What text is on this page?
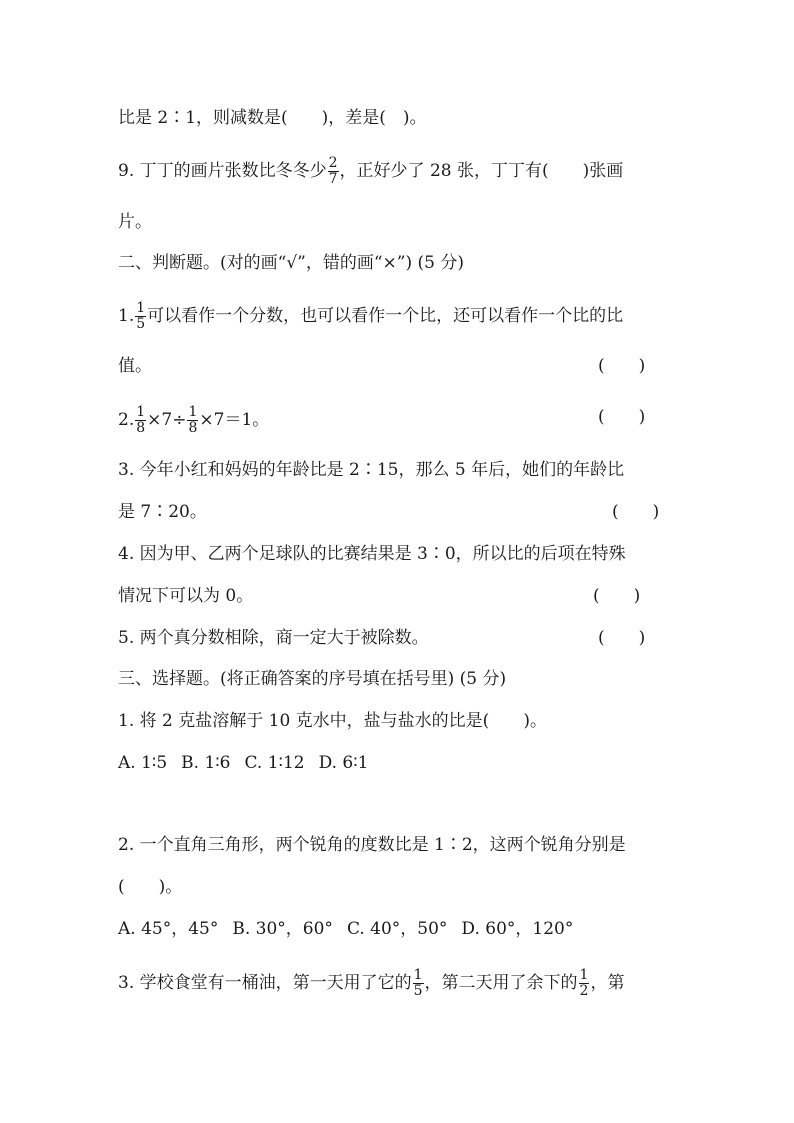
比是 2∶1，则减数是(　　)，差是(　)。
9. 丁丁的画片张数比冬冬少 $\frac{2}{7}$ ，正好少了 28 张，丁丁有(　　)张画
片。
二、判断题。(对的画“√”，错的画“×”) (5 分)
1. $\frac{1}{5}$ 可以看作一个分数，也可以看作一个比，还可以看作一个比的比
值。	(　　)
2. $\frac{1}{8} \times 7\div \frac{1}{8} \times 7=1$。	(　　)
3. 今年小红和妈妈的年龄比是 2∶15，那么 5 年后，她们的年龄比
是 7∶20。	(　　)
4. 因为甲、乙两个足球队的比赛结果是 3∶0，所以比的后项在特殊
情况下可以为 0。	(　　)
5. 两个真分数相除，商一定大于被除数。	(　　)
三、选择题。(将正确答案的序号填在括号里) (5 分)
1. 将 2 克盐溶解于 10 克水中，盐与盐水的比是(　　)。
A. 1∶5 B. 1∶6 C. 1∶12 D. 6∶1
2. 一个直角三角形，两个锐角的度数比是 1∶2，这两个锐角分别是
(　　)。
A. 45°，45° B. 30°，60° C. 40°，50° D. 60°，120°
3. 学校食堂有一桶油，第一天用了它的 $\frac{1}{5}$ ，第二天用了余下的 $\frac{1}{2}$ ，第
